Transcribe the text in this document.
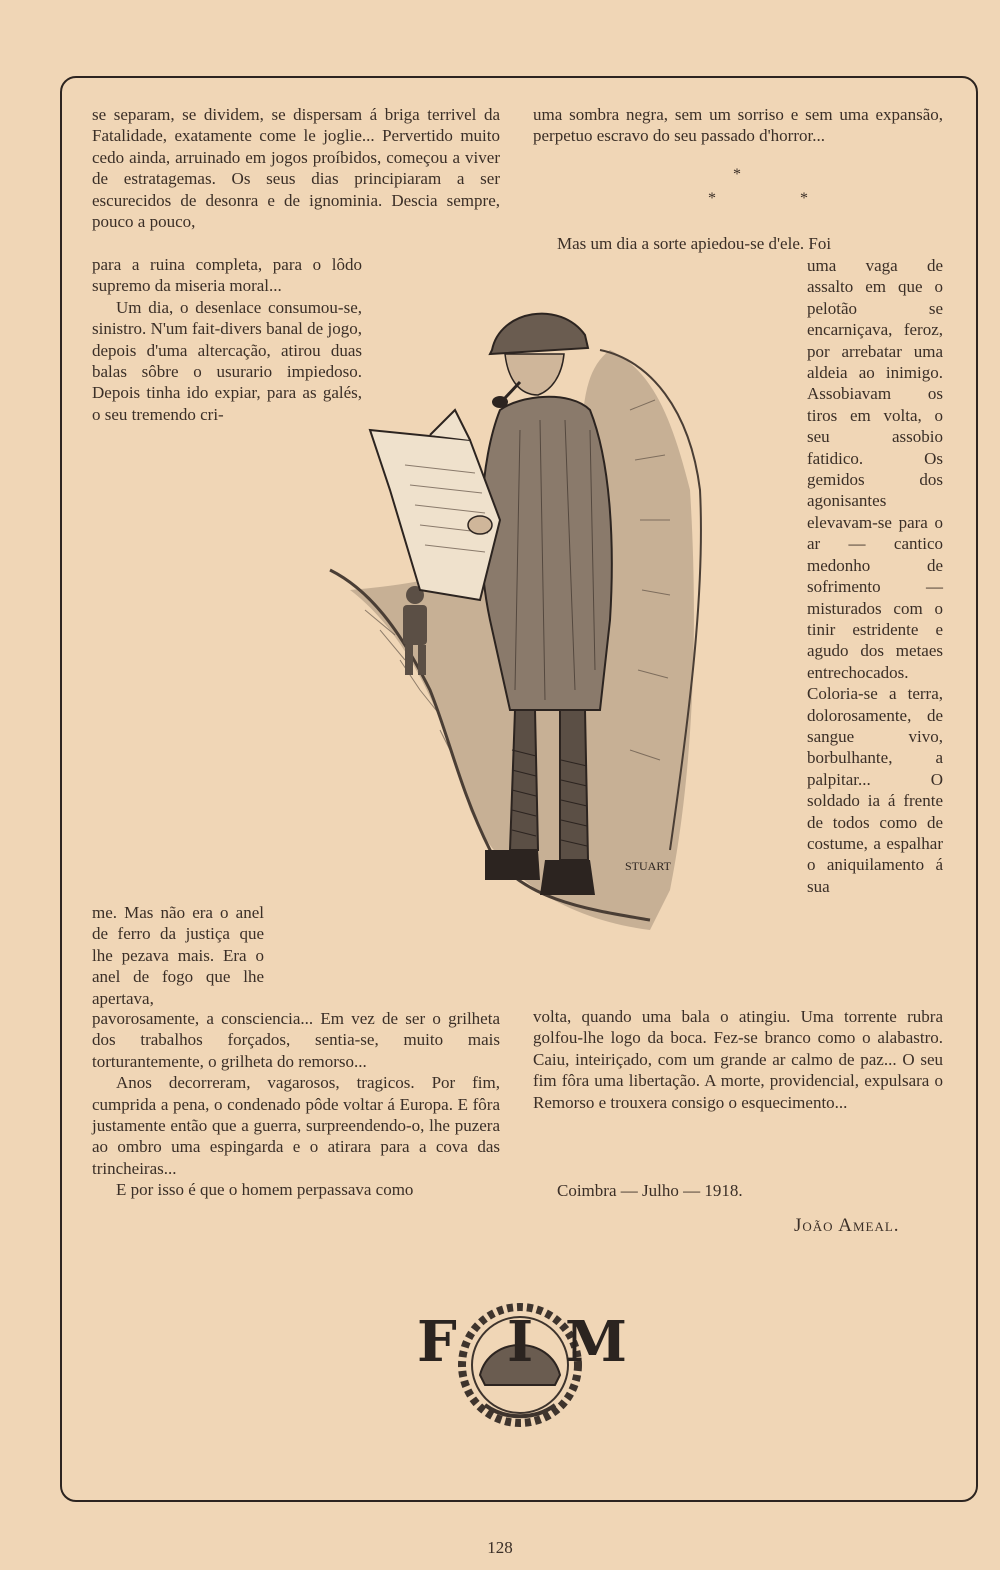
se separam, se dividem, se dispersam á briga terrivel da Fatalidade, exatamente come le joglie... Pervertido muito cedo ainda, arruinado em jogos proíbidos, começou a viver de estratagemas. Os seus dias principiaram a ser escurecidos de desonra e de ignominia. Descia sempre, pouco a pouco,

para a ruina completa, para o lôdo supremo da miseria moral...

Um dia, o desenlace consumou-se, sinistro. N'um fait-divers banal de jogo, depois d'uma altercação, atirou duas balas sôbre o usurario impiedoso. Depois tinha ido expiar, para as galés, o seu tremendo cri-

me. Mas não era o anel de ferro da justiça que lhe pezava mais. Era o anel de fogo que lhe apertava,

pavorosamente, a consciencia... Em vez de ser o grilheta dos trabalhos forçados, sentia-se, muito mais torturantemente, o grilheta do remorso...

Anos decorreram, vagarosos, tragicos. Por fim, cumprida a pena, o condenado pôde voltar á Europa. E fôra justamente então que a guerra, surpreendendo-o, lhe puzera ao ombro uma espingarda e o atirara para a cova das trincheiras...

E por isso é que o homem perpassava como

uma sombra negra, sem um sorriso e sem uma expansão, perpetuo escravo do seu passado d'horror...

*
* *

Mas um dia a sorte apiedou-se d'ele. Foi

uma vaga de assalto em que o pelotão se encarniçava, feroz, por arrebatar uma aldeia ao inimigo. Assobiavam os tiros em volta, o seu assobio fatidico. Os gemidos dos agonisantes elevavam-se para o ar — cantico medonho de sofrimento — misturados com o tinir estridente e agudo dos metaes entrechocados. Coloria-se a terra, dolorosamente, de sangue vivo, borbulhante, a palpitar... O soldado ia á frente de todos como de costume, a espalhar o aniquilamento á sua

volta, quando uma bala o atingiu. Uma torrente rubra golfou-lhe logo da boca. Fez-se branco como o alabastro. Caiu, inteiriçado, com um grande ar calmo de paz... O seu fim fôra uma libertação. A morte, providencial, expulsara o Remorso e trouxera consigo o esquecimento...

Coimbra — Julho — 1918.
João Ameal.
STUART
F I M
128
